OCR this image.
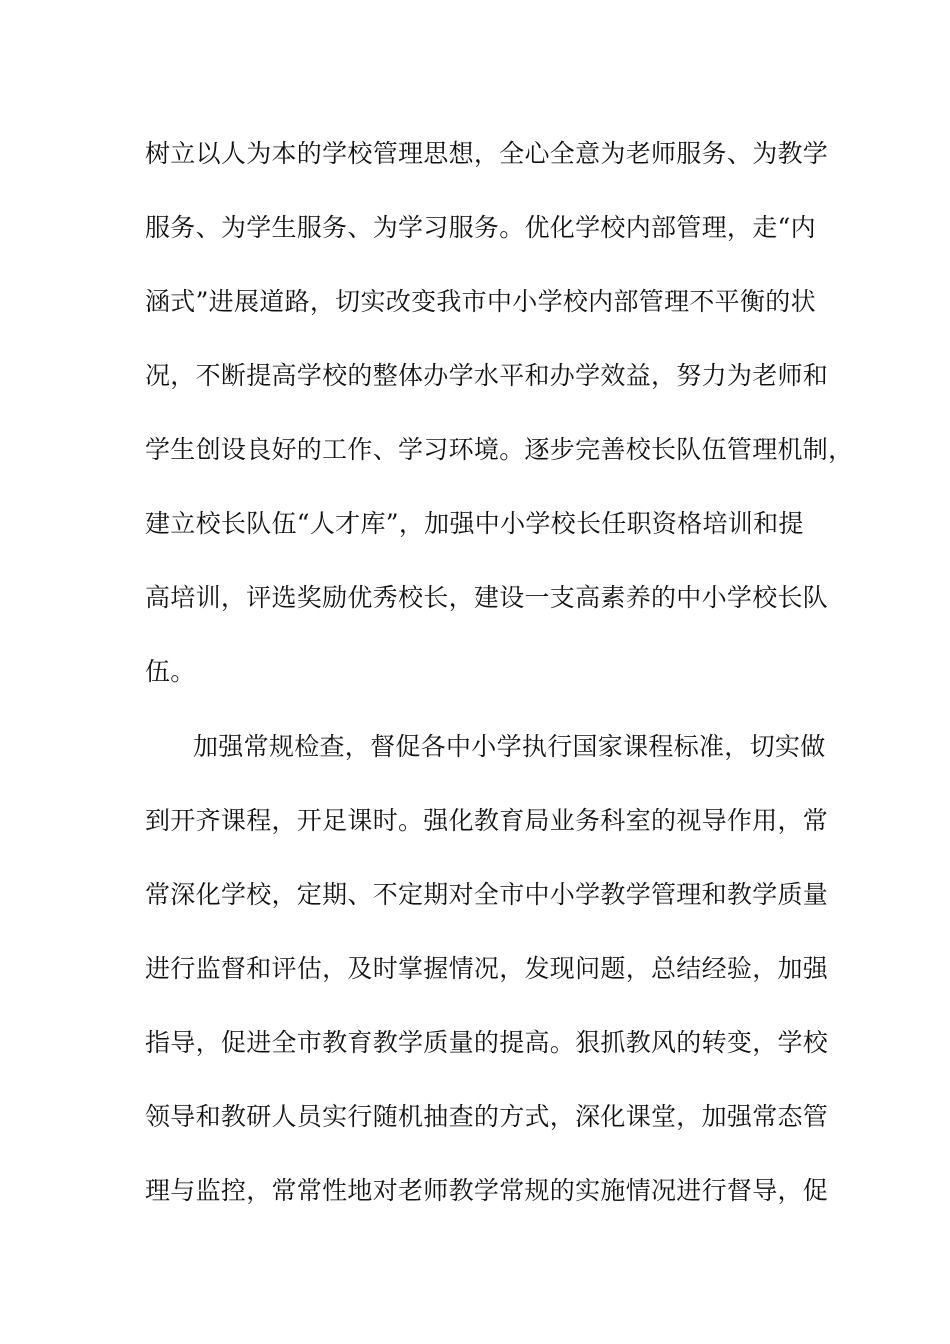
树立以人为本的学校管理思想，全心全意为老师服务、为教学
服务、为学生服务、为学习服务。优化学校内部管理，走“内
涵式”进展道路，切实改变我市中小学校内部管理不平衡的状
况，不断提高学校的整体办学水平和办学效益，努力为老师和
学生创设良好的工作、学习环境。逐步完善校长队伍管理机制，
建立校长队伍“人才库”，加强中小学校长任职资格培训和提
高培训，评选奖励优秀校长，建设一支高素养的中小学校长队
伍。
加强常规检查，督促各中小学执行国家课程标准，切实做
到开齐课程，开足课时。强化教育局业务科室的视导作用，常
常深化学校，定期、不定期对全市中小学教学管理和教学质量
进行监督和评估，及时掌握情况，发现问题，总结经验，加强
指导，促进全市教育教学质量的提高。狠抓教风的转变，学校
领导和教研人员实行随机抽查的方式，深化课堂，加强常态管
理与监控，常常性地对老师教学常规的实施情况进行督导，促
